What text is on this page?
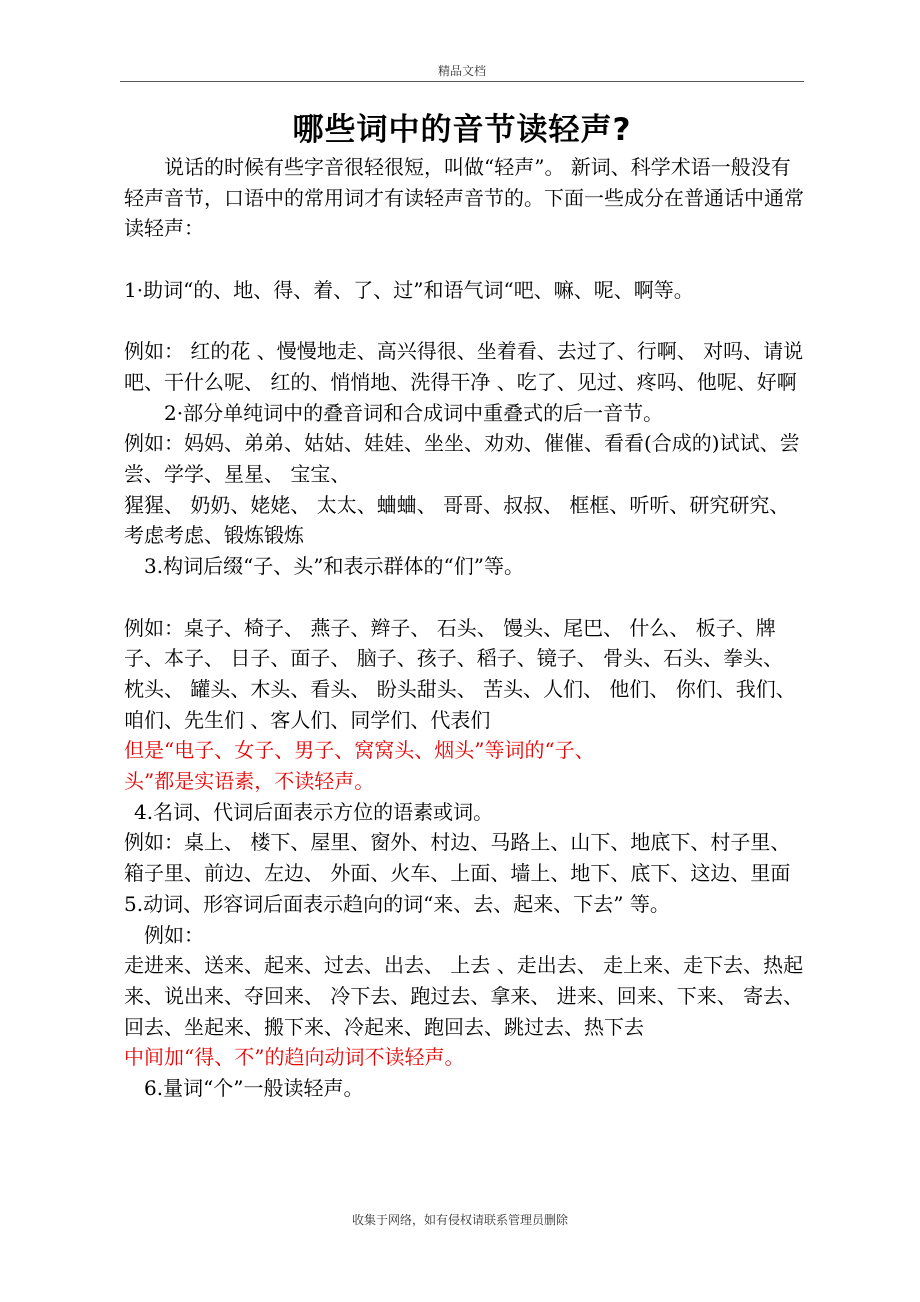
精品文档
哪些词中的音节读轻声?

说话的时候有些字音很轻很短，叫做“轻声”。 新词、科学术语一般没有轻声音节，口语中的常用词才有读轻声音节的。下面一些成分在普通话中通常读轻声：

1·助词“的、地、得、着、了、过”和语气词“吧、嘛、呢、啊等。

例如： 红的花 、慢慢地走、高兴得很、坐着看、去过了、行啊、 对吗、请说吧、干什么呢、 红的、悄悄地、洗得干净 、吃了、见过、疼吗、他呢、好啊

2·部分单纯词中的叠音词和合成词中重叠式的后一音节。

例如：妈妈、弟弟、姑姑、娃娃、坐坐、劝劝、催催、看看(合成的)试试、尝尝、学学、星星、 宝宝、

猩猩、 奶奶、姥姥、 太太、蛐蛐、 哥哥、叔叔、 框框、听听、研究研究、 考虑考虑、锻炼锻炼

3.构词后缀“子、头”和表示群体的“们”等。

例如：桌子、椅子、 燕子、辫子、 石头、 馒头、尾巴、 什么、 板子、牌子、本子、 日子、面子、 脑子、孩子、稻子、镜子、 骨头、石头、拳头、 枕头、 罐头、木头、看头、 盼头甜头、 苦头、人们、 他们、 你们、我们、咱们、先生们 、客人们、同学们、代表们

但是“电子、女子、男子、窝窝头、烟头”等词的“子、

头”都是实语素，不读轻声。

4.名词、代词后面表示方位的语素或词。

例如：桌上、 楼下、屋里、窗外、村边、马路上、山下、地底下、村子里、箱子里、前边、左边、 外面、火车、上面、墙上、地下、底下、这边、里面

5.动词、形容词后面表示趋向的词“来、去、起来、下去” 等。

例如：

走进来、送来、起来、过去、出去、 上去 、走出去、 走上来、走下去、热起来、说出来、夺回来、 冷下去、跑过去、拿来、 进来、回来、下来、 寄去、回去、坐起来、搬下来、冷起来、跑回去、跳过去、热下去

中间加“得、不”的趋向动词不读轻声。

6.量词“个”一般读轻声。

收集于网络，如有侵权请联系管理员删除
